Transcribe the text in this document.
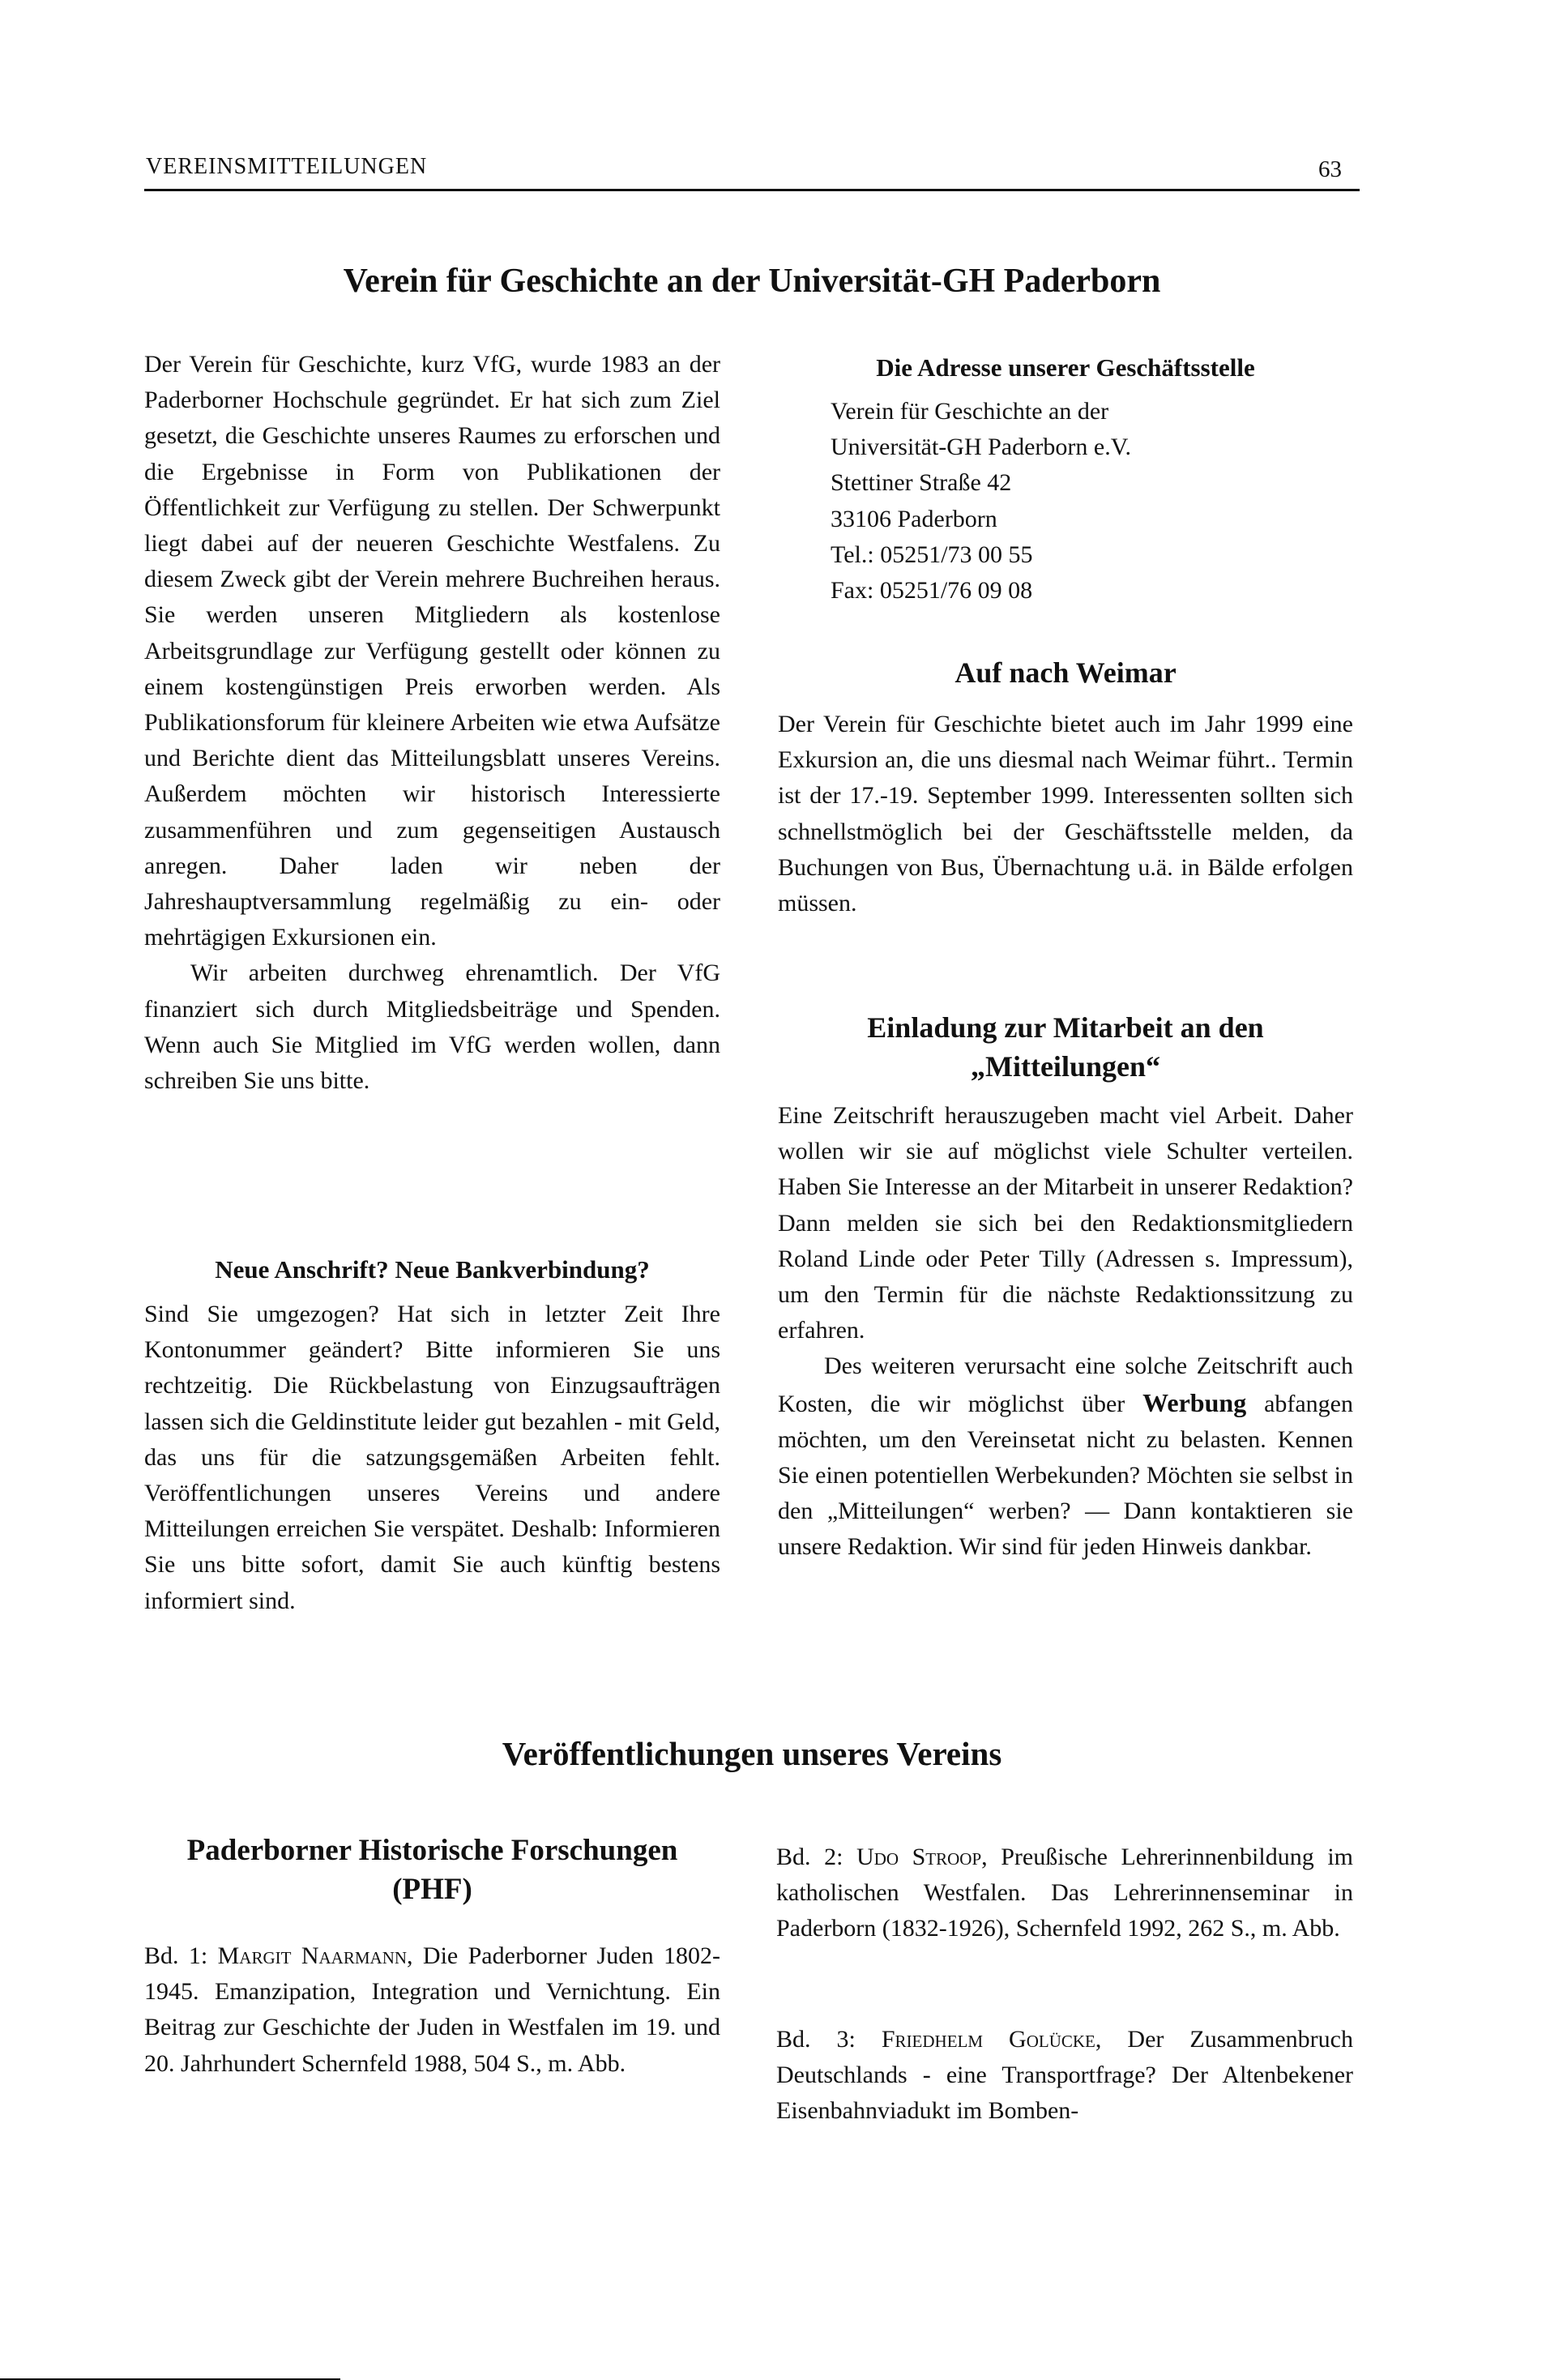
VEREINSMITTEILUNGEN	63
Verein für Geschichte an der Universität-GH Paderborn

Der Verein für Geschichte, kurz VfG, wurde 1983 an der Paderborner Hochschule gegründet. Er hat sich zum Ziel gesetzt, die Geschichte unseres Raumes zu erforschen und die Ergebnisse in Form von Publikationen der Öffentlichkeit zur Verfügung zu stellen. Der Schwerpunkt liegt dabei auf der neueren Geschichte Westfalens. Zu diesem Zweck gibt der Verein mehrere Buchreihen heraus. Sie werden unseren Mitgliedern als kostenlose Arbeitsgrundlage zur Verfügung gestellt oder können zu einem kostengünstigen Preis erworben werden. Als Publikationsforum für kleinere Arbeiten wie etwa Aufsätze und Berichte dient das Mitteilungsblatt unseres Vereins. Außerdem möchten wir historisch Interessierte zusammenführen und zum gegenseitigen Austausch anregen. Daher laden wir neben der Jahreshauptversammlung regelmäßig zu ein- oder mehrtägigen Exkursionen ein.

Wir arbeiten durchweg ehrenamtlich. Der VfG finanziert sich durch Mitgliedsbeiträge und Spenden. Wenn auch Sie Mitglied im VfG werden wollen, dann schreiben Sie uns bitte.

Neue Anschrift? Neue Bankverbindung?

Sind Sie umgezogen? Hat sich in letzter Zeit Ihre Kontonummer geändert? Bitte informieren Sie uns rechtzeitig. Die Rückbelastung von Einzugsaufträgen lassen sich die Geldinstitute leider gut bezahlen - mit Geld, das uns für die satzungsgemäßen Arbeiten fehlt. Veröffentlichungen unseres Vereins und andere Mitteilungen erreichen Sie verspätet. Deshalb: Informieren Sie uns bitte sofort, damit Sie auch künftig bestens informiert sind.

Die Adresse unserer Geschäftsstelle
Verein für Geschichte an der
Universität-GH Paderborn e.V.
Stettiner Straße 42
33106 Paderborn
Tel.: 05251/73 00 55
Fax: 05251/76 09 08
Auf nach Weimar

Der Verein für Geschichte bietet auch im Jahr 1999 eine Exkursion an, die uns diesmal nach Weimar führt.. Termin ist der 17.-19. September 1999. Interessenten sollten sich schnellstmöglich bei der Geschäftsstelle melden, da Buchungen von Bus, Übernachtung u.ä. in Bälde erfolgen müssen.

Einladung zur Mitarbeit an den
„Mitteilungen“

Eine Zeitschrift herauszugeben macht viel Arbeit. Daher wollen wir sie auf möglichst viele Schulter verteilen. Haben Sie Interesse an der Mitarbeit in unserer Redaktion? Dann melden sie sich bei den Redaktionsmitgliedern Roland Linde oder Peter Tilly (Adressen s. Impressum), um den Termin für die nächste Redaktionssitzung zu erfahren.

Des weiteren verursacht eine solche Zeitschrift auch Kosten, die wir möglichst über Werbung abfangen möchten, um den Vereinsetat nicht zu belasten. Kennen Sie einen potentiellen Werbekunden? Möchten sie selbst in den „Mitteilungen“ werben? — Dann kontaktieren sie unsere Redaktion. Wir sind für jeden Hinweis dankbar.

Veröffentlichungen unseres Vereins
Paderborner Historische Forschungen
(PHF)

Bd. 1: Margit Naarmann, Die Paderborner Juden 1802-1945. Emanzipation, Integration und Vernichtung. Ein Beitrag zur Geschichte der Juden in Westfalen im 19. und 20. Jahrhundert Schernfeld 1988, 504 S., m. Abb.

Bd. 2: Udo Stroop, Preußische Lehrerinnenbildung im katholischen Westfalen. Das Lehrerinnenseminar in Paderborn (1832-1926), Schernfeld 1992, 262 S., m. Abb.

Bd. 3: Friedhelm Golücke, Der Zusammenbruch Deutschlands - eine Transportfrage? Der Altenbekener Eisenbahnviadukt im Bomben-
